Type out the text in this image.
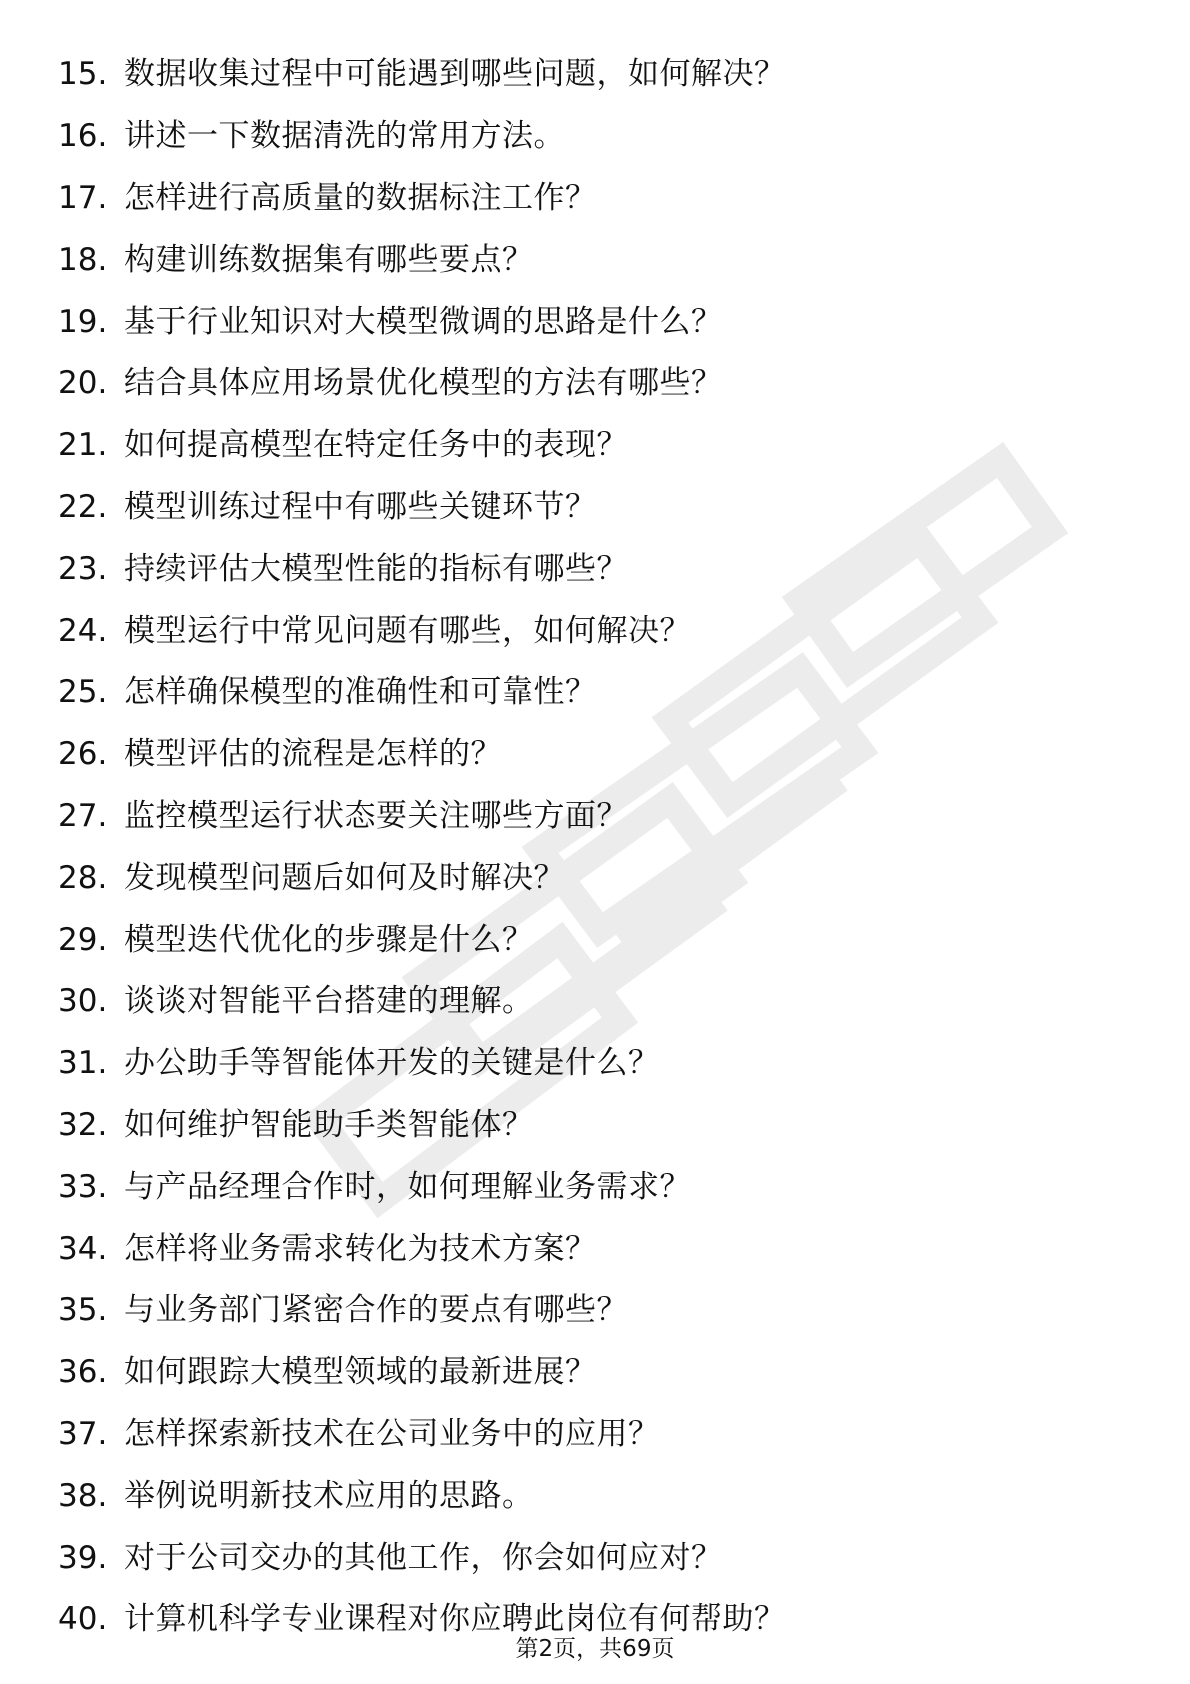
15. 数据收集过程中可能遇到哪些问题，如何解决？
16. 讲述一下数据清洗的常用方法。
17. 怎样进行高质量的数据标注工作？
18. 构建训练数据集有哪些要点？
19. 基于行业知识对大模型微调的思路是什么？
20. 结合具体应用场景优化模型的方法有哪些？
21. 如何提高模型在特定任务中的表现？
22. 模型训练过程中有哪些关键环节？
23. 持续评估大模型性能的指标有哪些？
24. 模型运行中常见问题有哪些，如何解决？
25. 怎样确保模型的准确性和可靠性？
26. 模型评估的流程是怎样的？
27. 监控模型运行状态要关注哪些方面？
28. 发现模型问题后如何及时解决？
29. 模型迭代优化的步骤是什么？
30. 谈谈对智能平台搭建的理解。
31. 办公助手等智能体开发的关键是什么？
32. 如何维护智能助手类智能体？
33. 与产品经理合作时，如何理解业务需求？
34. 怎样将业务需求转化为技术方案？
35. 与业务部门紧密合作的要点有哪些？
36. 如何跟踪大模型领域的最新进展？
37. 怎样探索新技术在公司业务中的应用？
38. 举例说明新技术应用的思路。
39. 对于公司交办的其他工作，你会如何应对？
40. 计算机科学专业课程对你应聘此岗位有何帮助？
第2页，共69页
